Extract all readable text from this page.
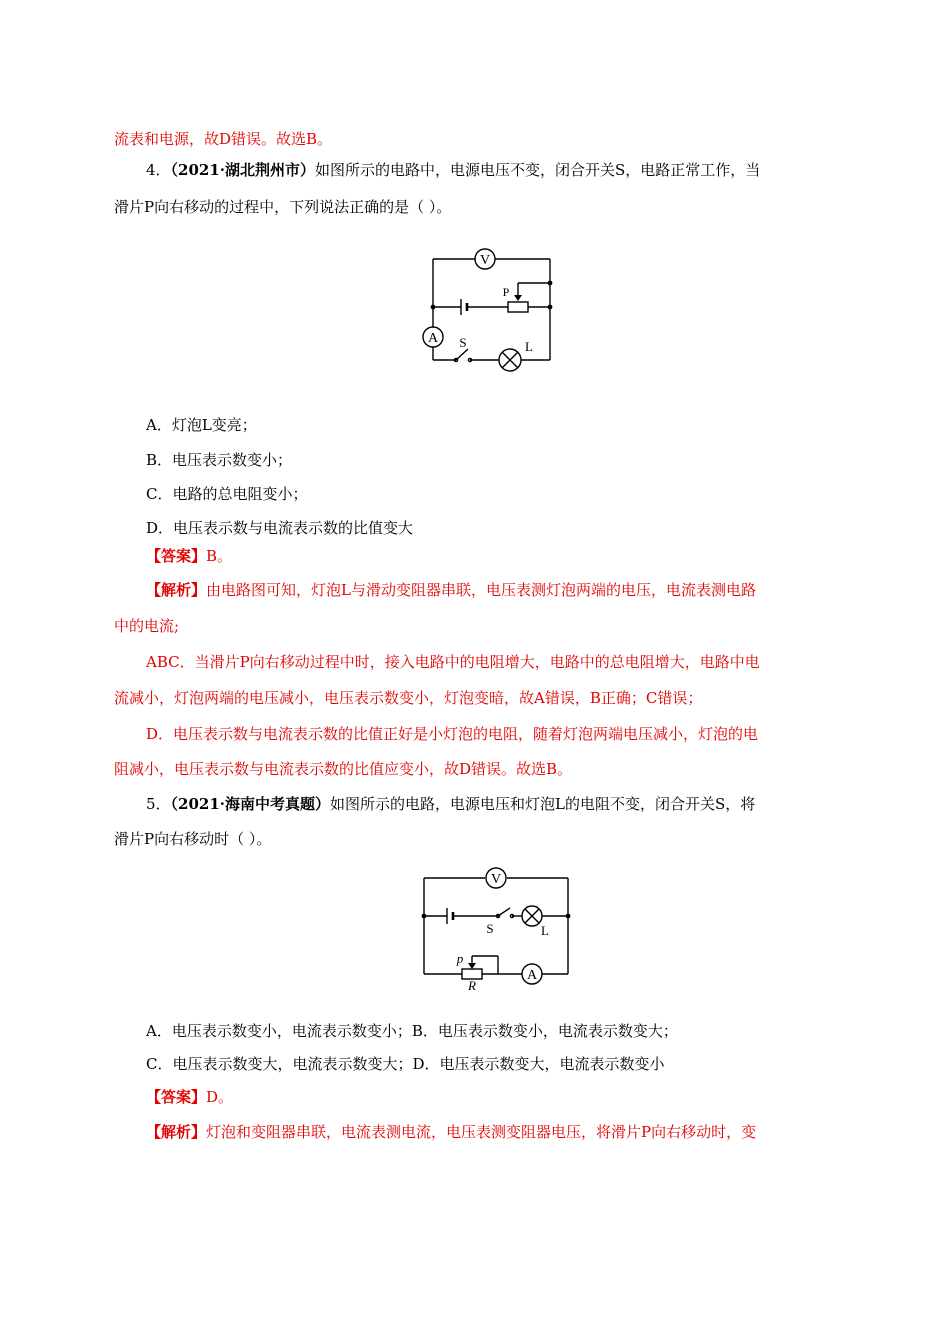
流表和电源，故D错误。故选B。
4．（2021·湖北荆州市）如图所示的电路中，电源电压不变，闭合开关S，电路正常工作，当
滑片P向右移动的过程中，下列说法正确的是（ ）。
V
A
P
S	L
A．灯泡L变亮；
B．电压表示数变小；
C．电路的总电阻变小；
D．电压表示数与电流表示数的比值变大
【答案】B。
【解析】由电路图可知，灯泡L与滑动变阻器串联，电压表测灯泡两端的电压，电流表测电路
中的电流;
ABC．当滑片P向右移动过程中时，接入电路中的电阻增大，电路中的总电阻增大，电路中电
流减小，灯泡两端的电压减小，电压表示数变小，灯泡变暗，故A错误，B正确；C错误；
D．电压表示数与电流表示数的比值正好是小灯泡的电阻，随着灯泡两端电压减小，灯泡的电
阻减小，电压表示数与电流表示数的比值应变小，故D错误。故选B。
5．（2021·海南中考真题）如图所示的电路，电源电压和灯泡L的电阻不变，闭合开关S，将
滑片P向右移动时（ ）。
V
A
S	L
p
R
A．电压表示数变小，电流表示数变小；B．电压表示数变小，电流表示数变大；
C．电压表示数变大，电流表示数变大；D．电压表示数变大，电流表示数变小
【答案】D。
【解析】灯泡和变阻器串联，电流表测电流，电压表测变阻器电压，将滑片P向右移动时，变
